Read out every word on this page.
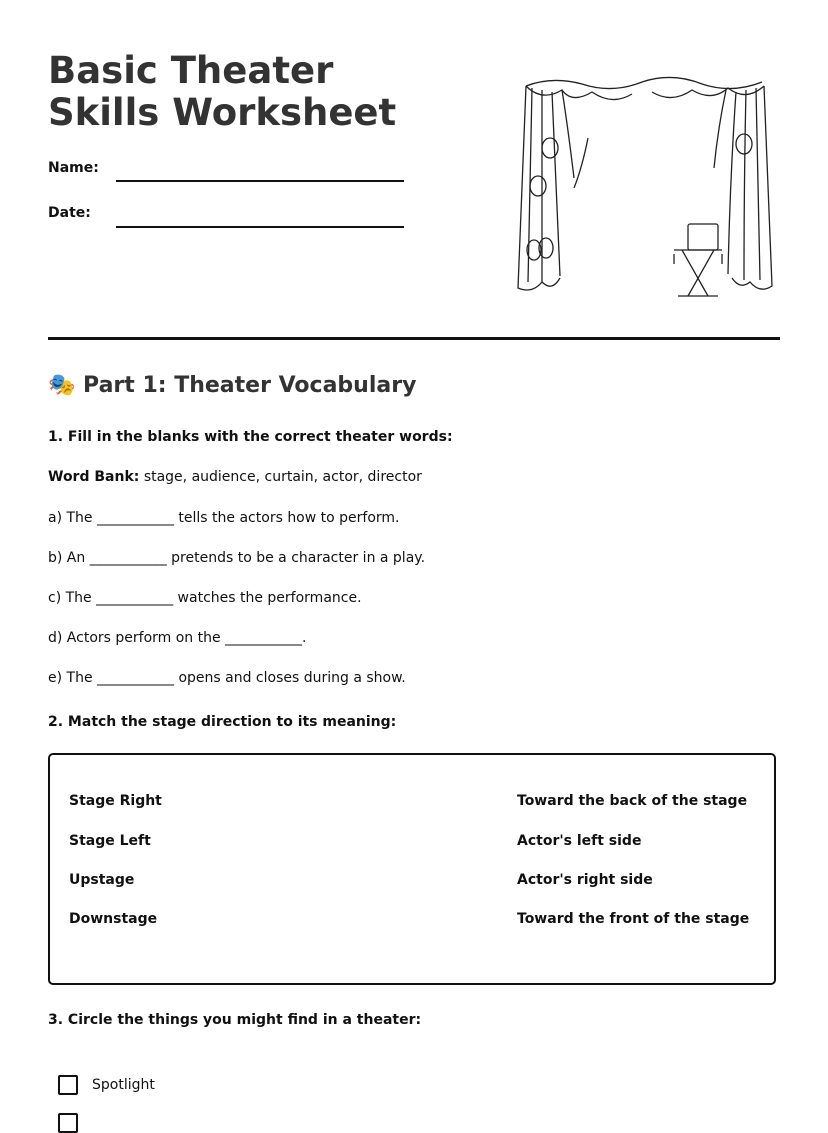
Basic Theater Skills Worksheet
Name:
Date:
🎭 Part 1: Theater Vocabulary
1. Fill in the blanks with the correct theater words:
Word Bank: stage, audience, curtain, actor, director
a) The ___________ tells the actors how to perform.
b) An ___________ pretends to be a character in a play.
c) The ___________ watches the performance.
d) Actors perform on the ___________.
e) The ___________ opens and closes during a show.
2. Match the stage direction to its meaning:
Stage Right
Stage Left
Upstage
Downstage
Toward the back of the stage
Actor's left side
Actor's right side
Toward the front of the stage
3. Circle the things you might find in a theater:
Spotlight
